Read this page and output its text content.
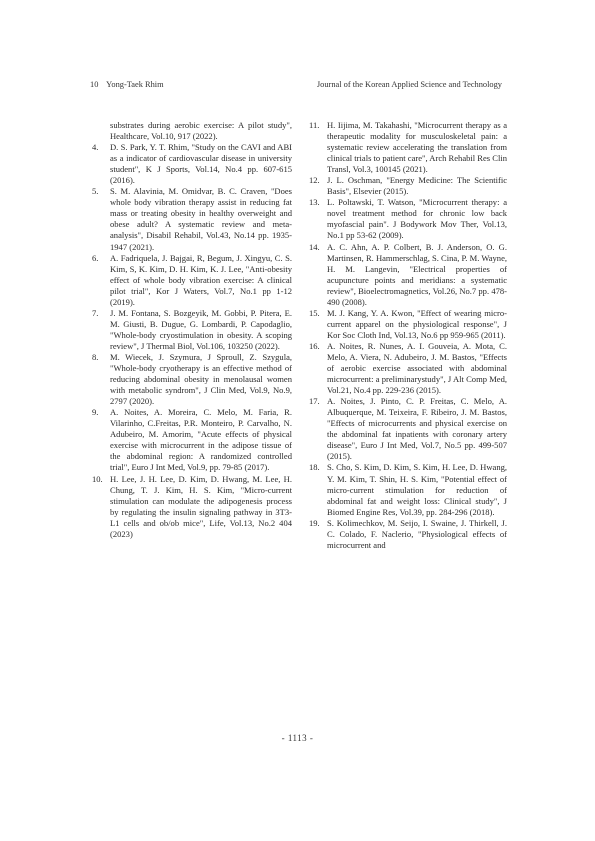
10 Yong-Taek Rhim	Journal of the Korean Applied Science and Technology

substrates during aerobic exercise: A pilot study", Healthcare, Vol.10, 917 (2022).

4. D. S. Park, Y. T. Rhim, "Study on the CAVI and ABI as a indicator of cardiovascular disease in university student", K J Sports, Vol.14, No.4 pp. 607-615 (2016).

5. S. M. Alavinia, M. Omidvar, B. C. Craven, "Does whole body vibration therapy assist in reducing fat mass or treating obesity in healthy overweight and obese adult? A systematic review and meta-analysis", Disabil Rehabil, Vol.43, No.14 pp. 1935-1947 (2021).

6. A. Fadriquela, J. Bajgai, R, Begum, J. Xingyu, C. S. Kim, S, K. Kim, D. H. Kim, K. J. Lee, "Anti-obesity effect of whole body vibration exercise: A clinical pilot trial", Kor J Waters, Vol.7, No.1 pp 1-12 (2019).

7. J. M. Fontana, S. Bozgeyik, M. Gobbi, P. Pitera, E. M. Giusti, B. Dugue, G. Lombardi, P. Capodaglio, "Whole-body cryostimulation in obesity. A scoping review", J Thermal Biol, Vol.106, 103250 (2022).

8. M. Wiecek, J. Szymura, J Sproull, Z. Szygula, "Whole-body cryotherapy is an effective method of reducing abdominal obesity in menolausal women with metabolic syndrom", J Clin Med, Vol.9, No.9, 2797 (2020).

9. A. Noites, A. Moreira, C. Melo, M. Faria, R. Vilarinho, C.Freitas, P.R. Monteiro, P. Carvalho, N. Adubeiro, M. Amorim, "Acute effects of physical exercise with microcurrent in the adipose tissue of the abdominal region: A randomized controlled trial", Euro J Int Med, Vol.9, pp. 79-85 (2017).

10. H. Lee, J. H. Lee, D. Kim, D. Hwang, M. Lee, H. Chung, T. J. Kim, H. S. Kim, "Micro-current stimulation can modulate the adipogenesis process by regulating the insulin signaling pathway in 3T3-L1 cells and ob/ob mice", Life, Vol.13, No.2 404 (2023)

11. H. Iijima, M. Takahashi, "Microcurrent therapy as a therapeutic modality for musculoskeletal pain: a systematic review accelerating the translation from clinical trials to patient care", Arch Rehabil Res Clin Transl, Vol.3, 100145 (2021).

12. J. L. Oschman, "Energy Medicine: The Scientific Basis", Elsevier (2015).

13. L. Poltawski, T. Watson, "Microcurrent therapy: a novel treatment method for chronic low back myofascial pain". J Bodywork Mov Ther, Vol.13, No.1 pp 53-62 (2009).

14. A. C. Ahn, A. P. Colbert, B. J. Anderson, O. G. Martinsen, R. Hammerschlag, S. Cina, P. M. Wayne, H. M. Langevin, "Electrical properties of acupuncture points and meridians: a systematic review", Bioelectromagnetics, Vol.26, No.7 pp. 478-490 (2008).

15. M. J. Kang, Y. A. Kwon, "Effect of wearing micro-current apparel on the physiological response", J Kor Soc Cloth Ind, Vol.13, No.6 pp 959-965 (2011).

16. A. Noites, R. Nunes, A. I. Gouveia, A. Mota, C. Melo, A. Viera, N. Adubeiro, J. M. Bastos, "Effects of aerobic exercise associated with abdominal microcurrent: a preliminarystudy", J Alt Comp Med, Vol.21, No.4 pp. 229-236 (2015).

17. A. Noites, J. Pinto, C. P. Freitas, C. Melo, A. Albuquerque, M. Teixeira, F. Ribeiro, J. M. Bastos, "Effects of microcurrents and physical exercise on the abdominal fat inpatients with coronary artery disease", Euro J Int Med, Vol.7, No.5 pp. 499-507 (2015).

18. S. Cho, S. Kim, D. Kim, S. Kim, H. Lee, D. Hwang, Y. M. Kim, T. Shin, H. S. Kim, "Potential effect of micro-current stimulation for reduction of abdominal fat and weight loss: Clinical study", J Biomed Engine Res, Vol.39, pp. 284-296 (2018).

19. S. Kolimechkov, M. Seijo, I. Swaine, J. Thirkell, J. C. Colado, F. Naclerio, "Physiological effects of microcurrent and

- 1113 -
